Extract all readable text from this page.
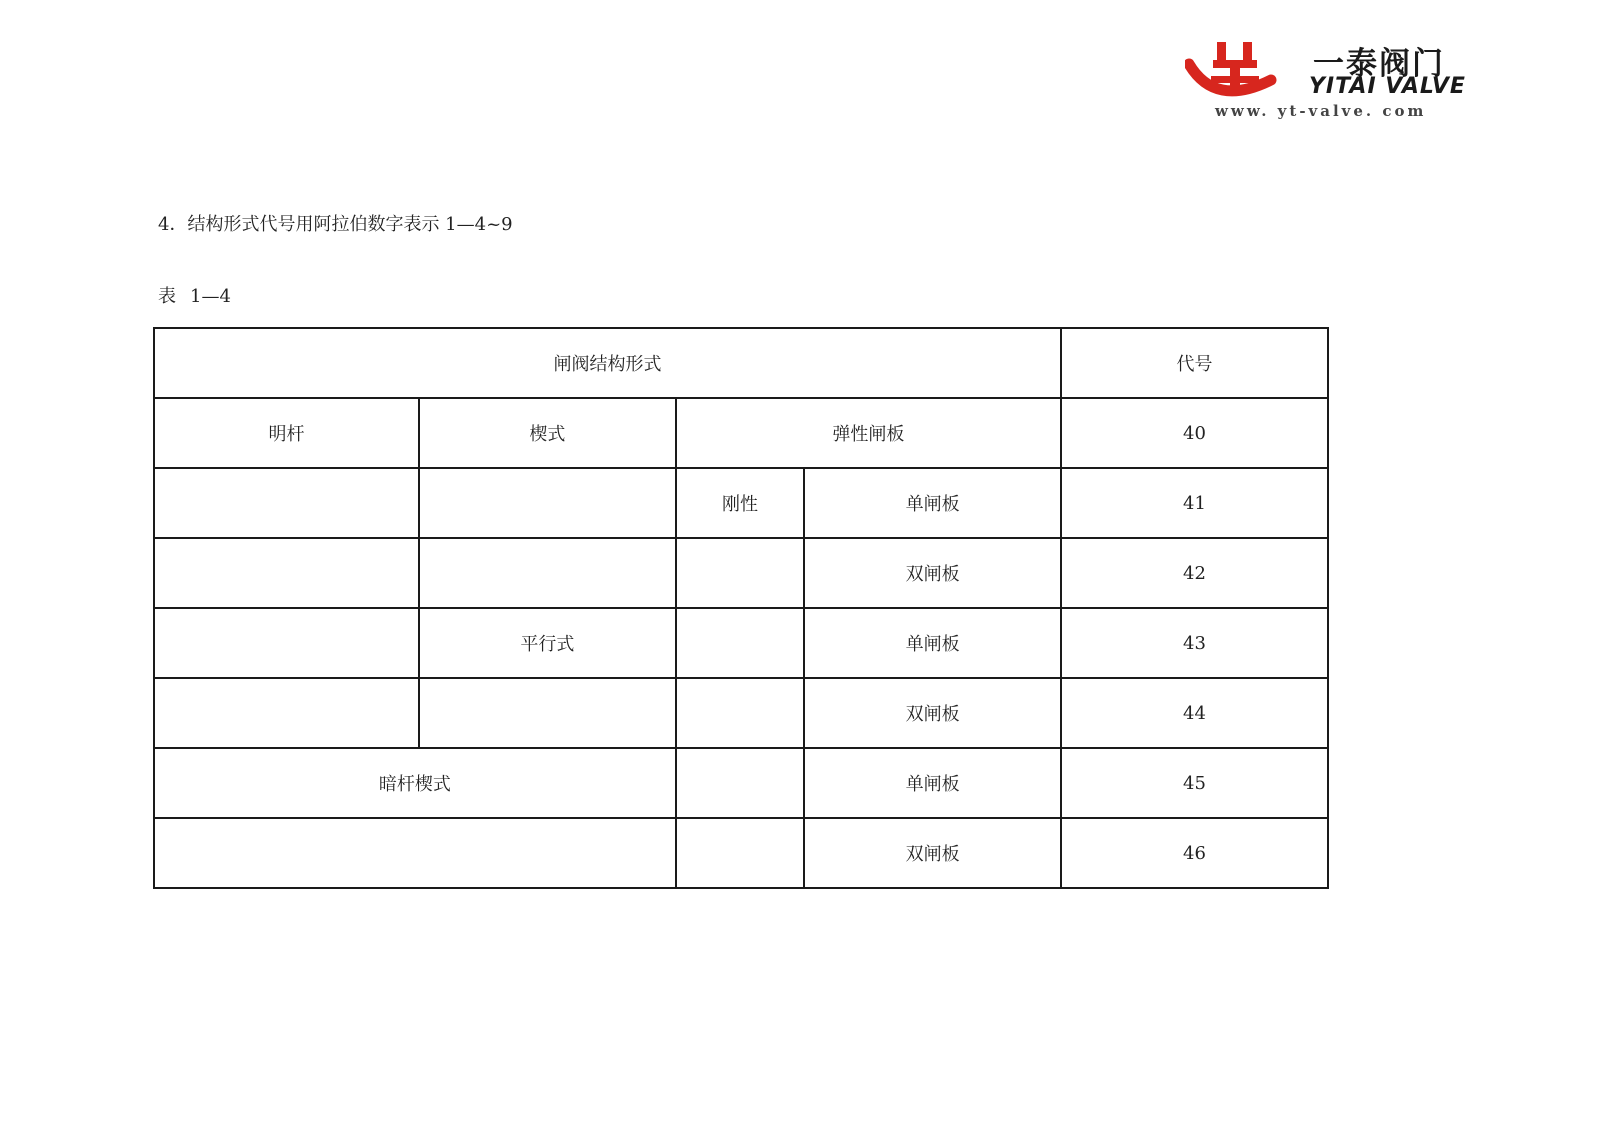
一泰阀门
YITAI VALVE
www. yt-valve. com
4．结构形式代号用阿拉伯数字表示 1—4~9
表 1—4
闸阀结构形式				代号
明杆	楔式	弹性闸板		40
		刚性	单闸板	41
			双闸板	42
	平行式		单闸板	43
			双闸板	44
暗杆楔式			单闸板	45
			双闸板	46
